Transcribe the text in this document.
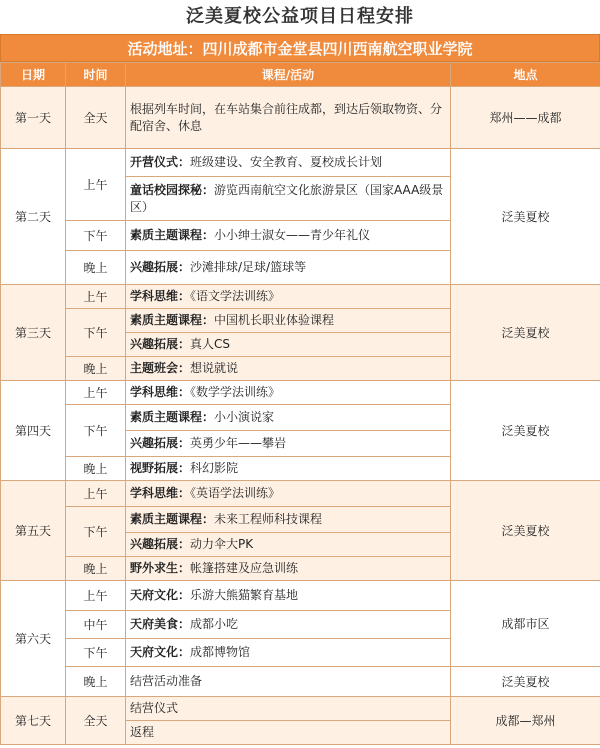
泛美夏校公益项目日程安排
活动地址：四川成都市金堂县四川西南航空职业学院
日期	时间	课程/活动	地点
第一天	全天	根据列车时间，在车站集合前往成都，到达后领取物资、分配宿舍、休息	郑州——成都
第二天	上午	开营仪式：班级建设、安全教育、夏校成长计划	泛美夏校
		童话校园探秘：游览西南航空文化旅游景区（国家AAA级景区）	
	下午	素质主题课程：小小绅士淑女——青少年礼仪	
	晚上	兴趣拓展：沙滩排球/足球/篮球等	
第三天	上午	学科思维：《语文学法训练》	泛美夏校
	下午	素质主题课程：中国机长职业体验课程	
		兴趣拓展：真人CS	
	晚上	主题班会：想说就说	
第四天	上午	学科思维：《数学学法训练》	泛美夏校
	下午	素质主题课程：小小演说家	
		兴趣拓展：英勇少年——攀岩	
	晚上	视野拓展：科幻影院	
第五天	上午	学科思维：《英语学法训练》	泛美夏校
	下午	素质主题课程：未来工程师科技课程	
		兴趣拓展：动力伞大PK	
	晚上	野外求生：帐篷搭建及应急训练	
第六天	上午	天府文化：乐游大熊猫繁育基地	成都市区
	中午	天府美食：成都小吃	
	下午	天府文化：成都博物馆	
	晚上	结营活动准备	泛美夏校
第七天	全天	结营仪式	成都—郑州
		返程	
